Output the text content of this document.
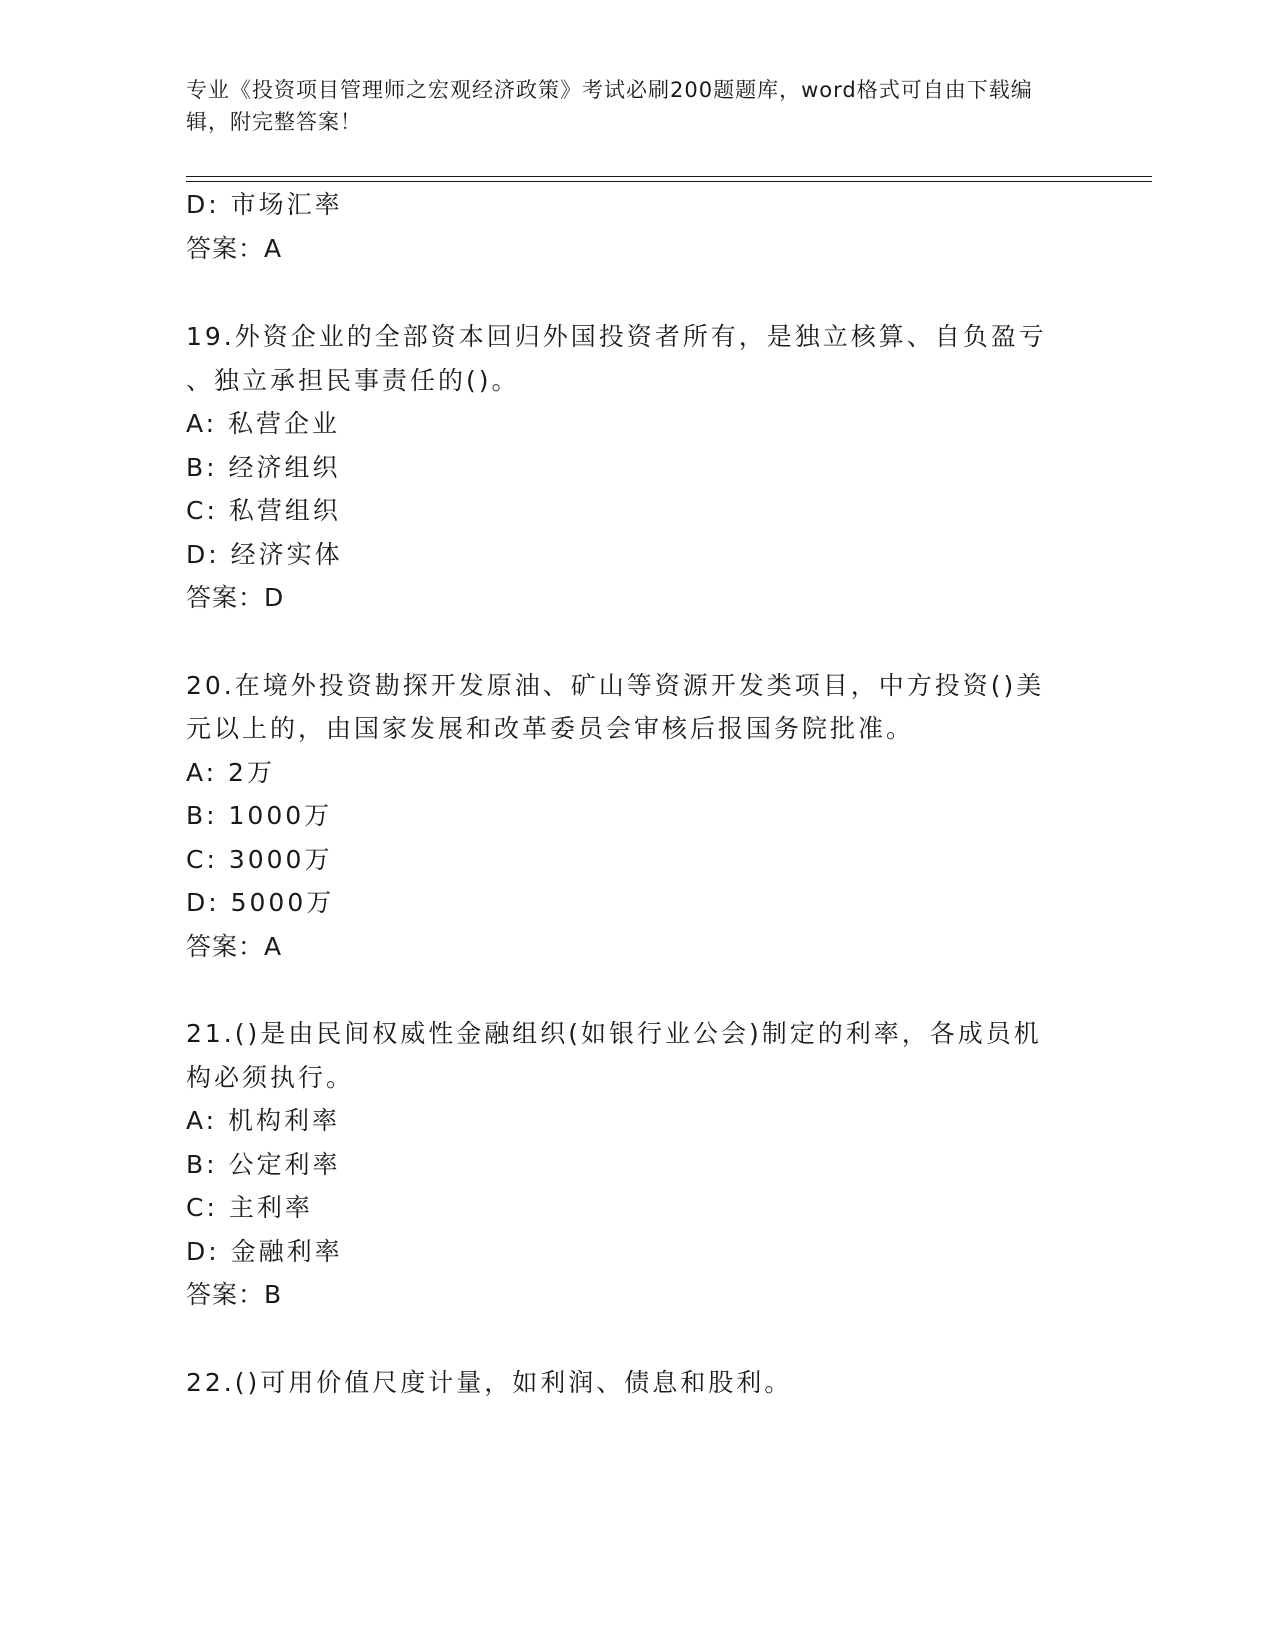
专业《投资项目管理师之宏观经济政策》考试必刷200题题库，word格式可自由下载编辑，附完整答案！
D: 市场汇率
答案：A
19.外资企业的全部资本回归外国投资者所有，是独立核算、自负盈亏
、独立承担民事责任的()。
A: 私营企业
B: 经济组织
C: 私营组织
D: 经济实体
答案：D
20.在境外投资勘探开发原油、矿山等资源开发类项目，中方投资()美
元以上的，由国家发展和改革委员会审核后报国务院批准。
A: 2万
B: 1000万
C: 3000万
D: 5000万
答案：A
21.()是由民间权威性金融组织(如银行业公会)制定的利率，各成员机
构必须执行。
A: 机构利率
B: 公定利率
C: 主利率
D: 金融利率
答案：B
22.()可用价值尺度计量，如利润、债息和股利。
